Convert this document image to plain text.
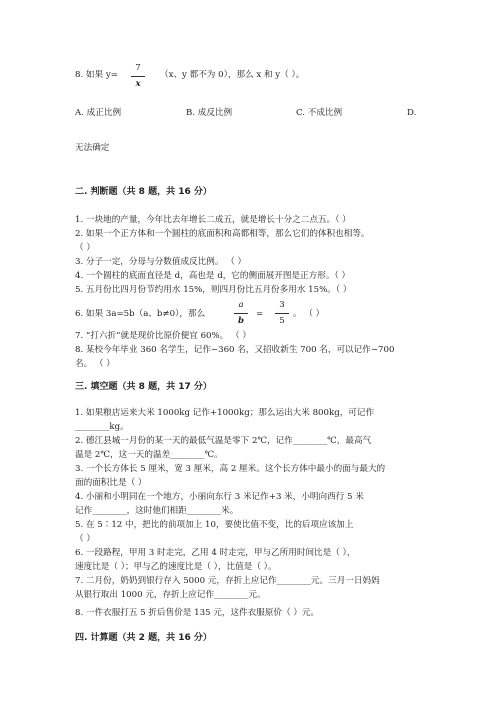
8. 如果 y=
7
x
（x、y 都不为 0），那么 x 和 y（ ）。
A. 成正比例	B. 成反比例	C. 不成比例	D.
无法确定
二. 判断题（共 8 题，共 16 分）
1. 一块地的产量，今年比去年增长二成五，就是增长十分之二点五。（ ）
2. 如果一个正方体和一个圆柱的底面积和高都相等，那么它们的体积也相等。
（ ）
3. 分子一定，分母与分数值成反比例。 （ ）
4. 一个圆柱的底面直径是 d，高也是 d，它的侧面展开图是正方形。（ ）
5. 五月份比四月份节约用水 15%，则四月份比五月份多用水 15%。（ ）
6. 如果 3a=5b（a、b≠0），那么
a
b
=
3
5
。 （ ）
7. “打六折”就是现价比原价便宜 60%。 （ ）
8. 某校今年毕业 360 名学生，记作−360 名，又招收新生 700 名，可以记作−700
名。 （ ）
三. 填空题（共 8 题，共 17 分）
1. 如果粮店运来大米 1000kg 记作+1000kg；那么运出大米 800kg，可记作
________kg。
2. 德江县城一月份的某一天的最低气温是零下 2℃，记作________℃，最高气
温是 2℃，这一天的温差________℃。
3. 一个长方体长 5 厘米，宽 3 厘米，高 2 厘米。这个长方体中最小的面与最大的
面的面积比是（ ）
4. 小丽和小明同在一个地方，小丽向东行 3 米记作+3 米，小明向西行 5 米
记作________，这时他们相距________米。
5. 在 5∶12 中，把比的前项加上 10，要使比值不变，比的后项应该加上
（ ）
6. 一段路程，甲用 3 时走完，乙用 4 时走完，甲与乙所用时间比是（ ），
速度比是（ ）；甲与乙的速度比是（ ），比值是（ ）。
7. 二月份，奶奶到银行存入 5000 元，存折上应记作________元。三月一日妈妈
从银行取出 1000 元，存折上应记作________元。
8. 一件衣服打五 5 折后售价是 135 元，这件衣服原价（ ）元。
四. 计算题（共 2 题，共 16 分）
